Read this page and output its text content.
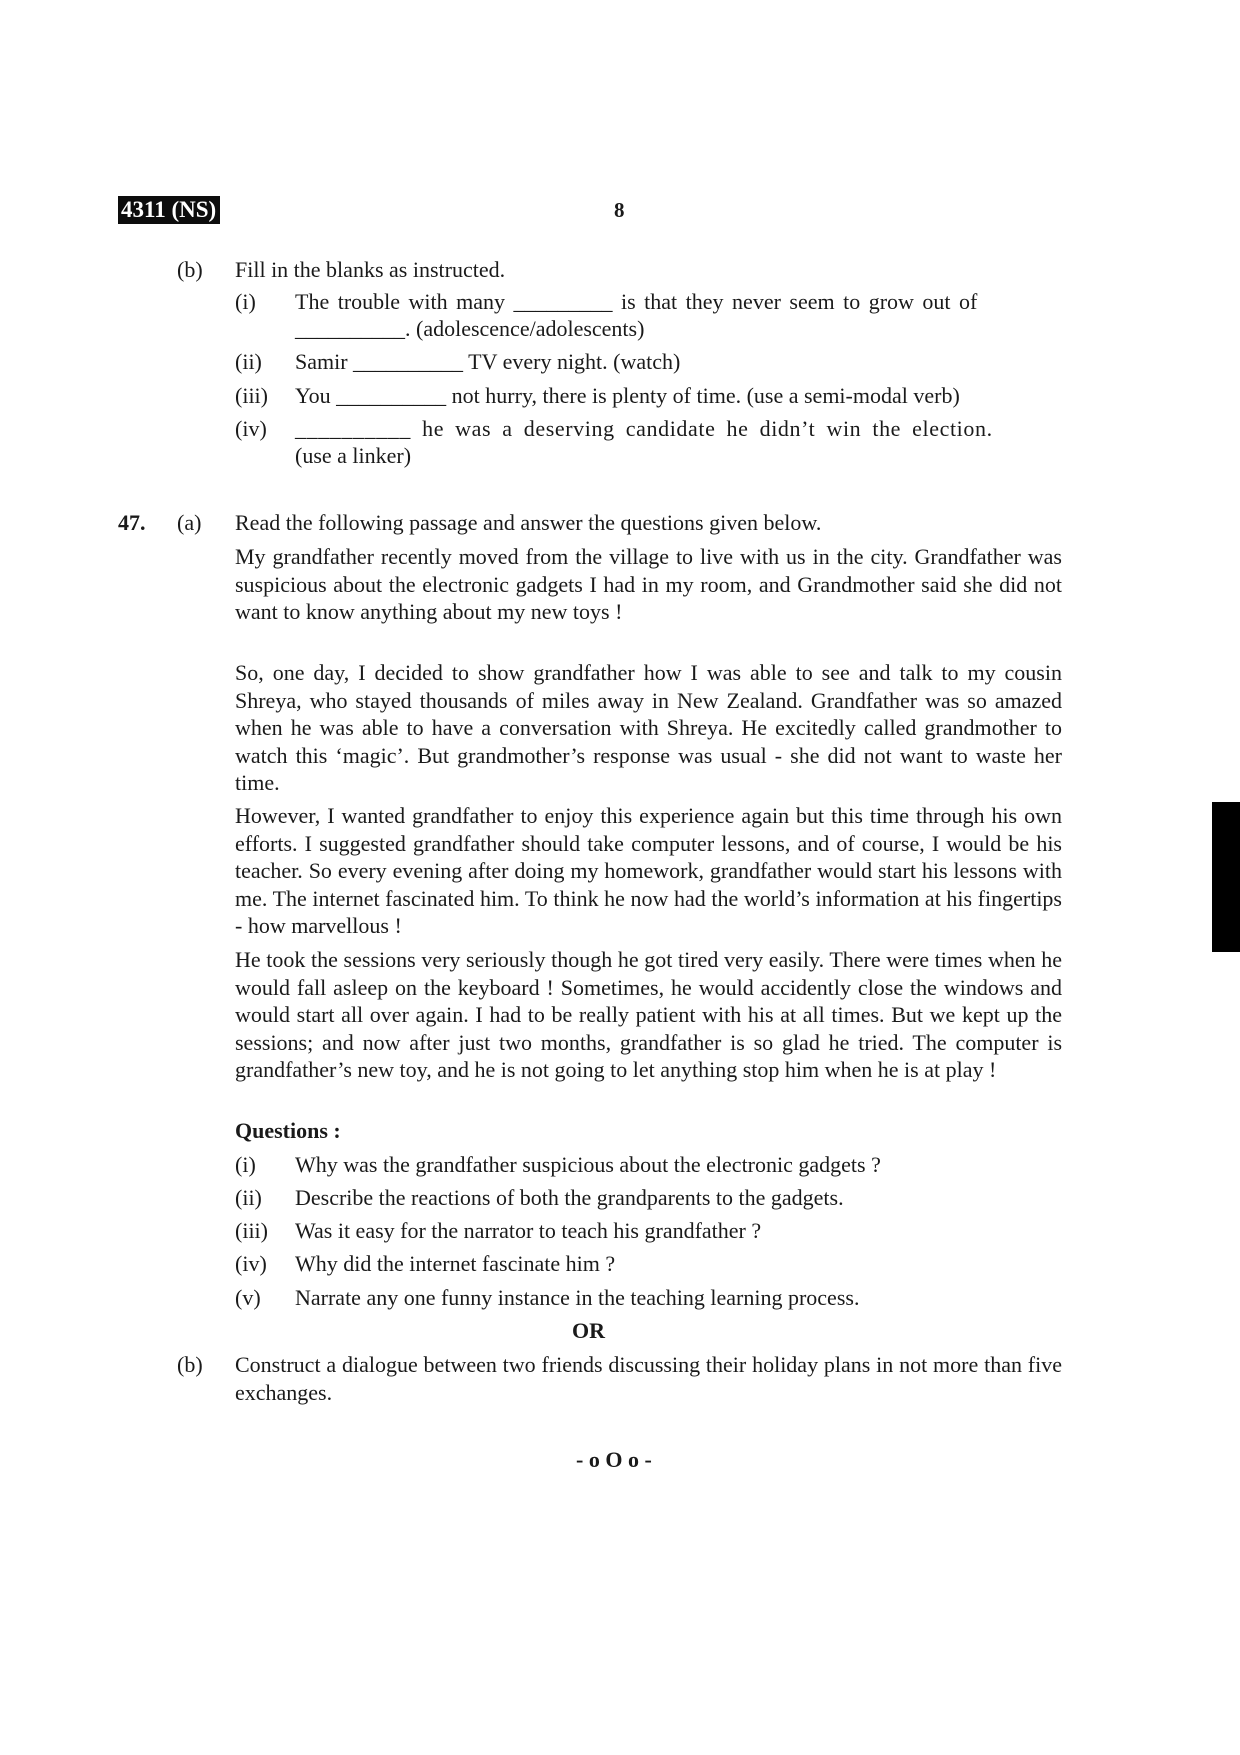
4311 (NS)	8
(b) Fill in the blanks as instructed.
(i) The trouble with many _________ is that they never seem to grow out of
__________. (adolescence/adolescents)
(ii) Samir __________ TV every night. (watch)
(iii) You __________ not hurry, there is plenty of time. (use a semi-modal verb)
(iv) __________ he was a deserving candidate he didn’t win the election.
(use a linker)
47. (a) Read the following passage and answer the questions given below.

My grandfather recently moved from the village to live with us in the city. Grandfather was suspicious about the electronic gadgets I had in my room, and Grandmother said she did not want to know anything about my new toys !

So, one day, I decided to show grandfather how I was able to see and talk to my cousin Shreya, who stayed thousands of miles away in New Zealand. Grandfather was so amazed when he was able to have a conversation with Shreya. He excitedly called grandmother to watch this ‘magic’. But grandmother’s response was usual - she did not want to waste her time.

However, I wanted grandfather to enjoy this experience again but this time through his own efforts. I suggested grandfather should take computer lessons, and of course, I would be his teacher. So every evening after doing my homework, grandfather would start his lessons with me. The internet fascinated him. To think he now had the world’s information at his fingertips - how marvellous !

He took the sessions very seriously though he got tired very easily. There were times when he would fall asleep on the keyboard ! Sometimes, he would accidently close the windows and would start all over again. I had to be really patient with his at all times. But we kept up the sessions; and now after just two months, grandfather is so glad he tried. The computer is grandfather’s new toy, and he is not going to let anything stop him when he is at play !

Questions :
(i) Why was the grandfather suspicious about the electronic gadgets ?
(ii) Describe the reactions of both the grandparents to the gadgets.
(iii) Was it easy for the narrator to teach his grandfather ?
(iv) Why did the internet fascinate him ?
(v) Narrate any one funny instance in the teaching learning process.
OR
(b) Construct a dialogue between two friends discussing their holiday plans in not more than five exchanges.

- o O o -
